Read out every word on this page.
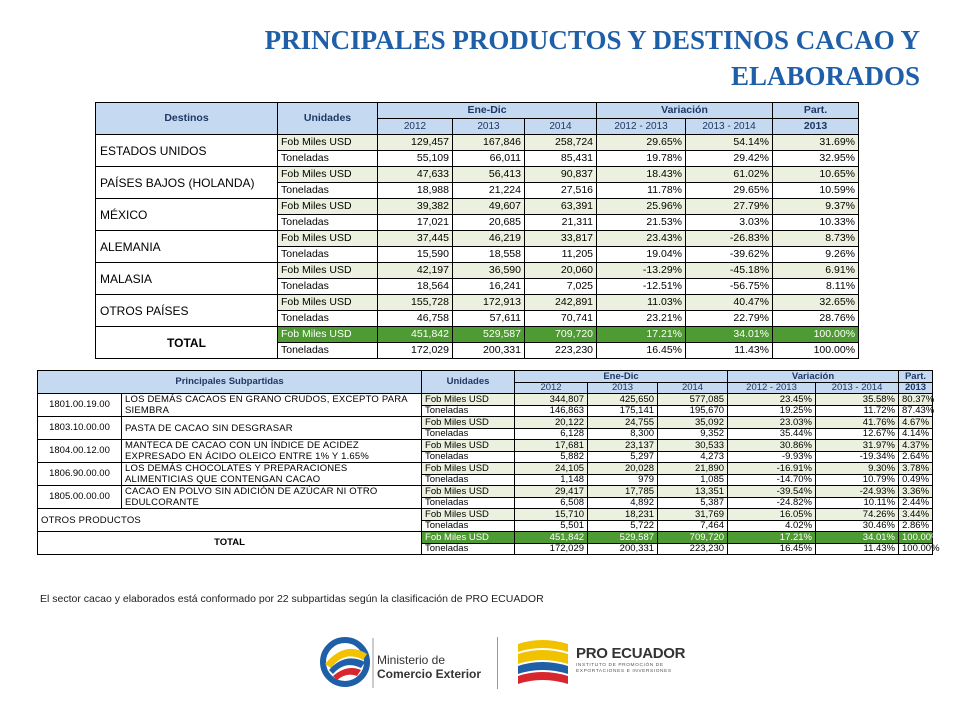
PRINCIPALES PRODUCTOS Y DESTINOS CACAO Y ELABORADOS
Destinos	Unidades	Ene-Dic			Variación		Part.
		2012	2013	2014	2012 - 2013	2013 - 2014	2013
ESTADOS UNIDOS	Fob Miles USD	129,457	167,846	258,724	29.65%	54.14%	31.69%
	Toneladas	55,109	66,011	85,431	19.78%	29.42%	32.95%
PAÍSES BAJOS (HOLANDA)	Fob Miles USD	47,633	56,413	90,837	18.43%	61.02%	10.65%
	Toneladas	18,988	21,224	27,516	11.78%	29.65%	10.59%
MÉXICO	Fob Miles USD	39,382	49,607	63,391	25.96%	27.79%	9.37%
	Toneladas	17,021	20,685	21,311	21.53%	3.03%	10.33%
ALEMANIA	Fob Miles USD	37,445	46,219	33,817	23.43%	-26.83%	8.73%
	Toneladas	15,590	18,558	11,205	19.04%	-39.62%	9.26%
MALASIA	Fob Miles USD	42,197	36,590	20,060	-13.29%	-45.18%	6.91%
	Toneladas	18,564	16,241	7,025	-12.51%	-56.75%	8.11%
OTROS PAÍSES	Fob Miles USD	155,728	172,913	242,891	11.03%	40.47%	32.65%
	Toneladas	46,758	57,611	70,741	23.21%	22.79%	28.76%
TOTAL	Fob Miles USD	451,842	529,587	709,720	17.21%	34.01%	100.00%
	Toneladas	172,029	200,331	223,230	16.45%	11.43%	100.00%
Principales Subpartidas		Unidades	Ene-Dic			Variación		Part.
			2012	2013	2014	2012 - 2013	2013 - 2014	2013
1801.00.19.00	LOS DEMÁS CACAOS EN GRANO CRUDOS, EXCEPTO PARA SIEMBRA	Fob Miles USD	344,807	425,650	577,085	23.45%	35.58%	80.37%
		Toneladas	146,863	175,141	195,670	19.25%	11.72%	87.43%
1803.10.00.00	PASTA DE CACAO SIN DESGRASAR	Fob Miles USD	20,122	24,755	35,092	23.03%	41.76%	4.67%
		Toneladas	6,128	8,300	9,352	35.44%	12.67%	4.14%
1804.00.12.00	MANTECA DE CACAO CON UN ÍNDICE DE ACIDEZ EXPRESADO EN ÁCIDO OLEICO ENTRE 1% Y 1.65%	Fob Miles USD	17,681	23,137	30,533	30.86%	31.97%	4.37%
		Toneladas	5,882	5,297	4,273	-9.93%	-19.34%	2.64%
1806.90.00.00	LOS DEMÁS CHOCOLATES Y PREPARACIONES ALIMENTICIAS QUE CONTENGAN CACAO	Fob Miles USD	24,105	20,028	21,890	-16.91%	9.30%	3.78%
		Toneladas	1,148	979	1,085	-14.70%	10.79%	0.49%
1805.00.00.00	CACAO EN POLVO SIN ADICIÓN DE AZÚCAR NI OTRO EDULCORANTE	Fob Miles USD	29,417	17,785	13,351	-39.54%	-24.93%	3.36%
		Toneladas	6,508	4,892	5,387	-24.82%	10.11%	2.44%
OTROS PRODUCTOS		Fob Miles USD	15,710	18,231	31,769	16.05%	74.26%	3.44%
		Toneladas	5,501	5,722	7,464	4.02%	30.46%	2.86%
TOTAL		Fob Miles USD	451,842	529,587	709,720	17.21%	34.01%	100.00%
		Toneladas	172,029	200,331	223,230	16.45%	11.43%	100.00%
El sector cacao y elaborados está conformado por 22 subpartidas según la clasificación de PRO ECUADOR
Ministerio de
Comercio Exterior
PRO ECUADOR
INSTITUTO DE PROMOCIÓN DE
EXPORTACIONES E INVERSIONES
